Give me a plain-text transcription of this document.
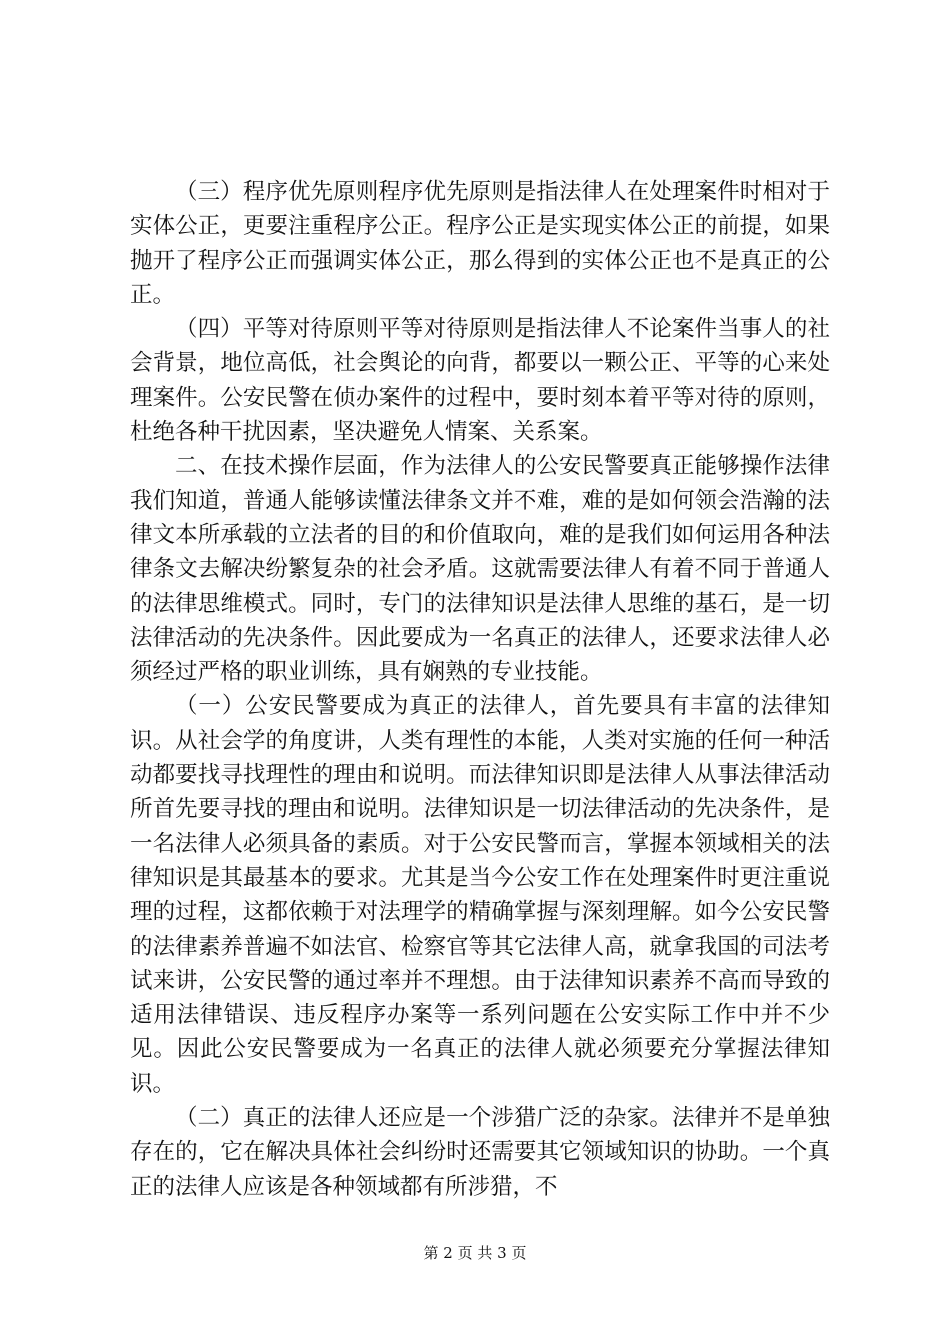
（三）程序优先原则程序优先原则是指法律人在处理案件时相对于实体公正，更要注重程序公正。程序公正是实现实体公正的前提，如果抛开了程序公正而强调实体公正，那么得到的实体公正也不是真正的公正。

（四）平等对待原则平等对待原则是指法律人不论案件当事人的社会背景，地位高低，社会舆论的向背，都要以一颗公正、平等的心来处理案件。公安民警在侦办案件的过程中，要时刻本着平等对待的原则，杜绝各种干扰因素，坚决避免人情案、关系案。

二、在技术操作层面，作为法律人的公安民警要真正能够操作法律我们知道，普通人能够读懂法律条文并不难，难的是如何领会浩瀚的法律文本所承载的立法者的目的和价值取向，难的是我们如何运用各种法律条文去解决纷繁复杂的社会矛盾。这就需要法律人有着不同于普通人的法律思维模式。同时，专门的法律知识是法律人思维的基石，是一切法律活动的先决条件。因此要成为一名真正的法律人，还要求法律人必须经过严格的职业训练，具有娴熟的专业技能。

（一）公安民警要成为真正的法律人，首先要具有丰富的法律知识。从社会学的角度讲，人类有理性的本能，人类对实施的任何一种活动都要找寻找理性的理由和说明。而法律知识即是法律人从事法律活动所首先要寻找的理由和说明。法律知识是一切法律活动的先决条件，是一名法律人必须具备的素质。对于公安民警而言，掌握本领域相关的法律知识是其最基本的要求。尤其是当今公安工作在处理案件时更注重说理的过程，这都依赖于对法理学的精确掌握与深刻理解。如今公安民警的法律素养普遍不如法官、检察官等其它法律人高，就拿我国的司法考试来讲，公安民警的通过率并不理想。由于法律知识素养不高而导致的适用法律错误、违反程序办案等一系列问题在公安实际工作中并不少见。因此公安民警要成为一名真正的法律人就必须要充分掌握法律知识。

（二）真正的法律人还应是一个涉猎广泛的杂家。法律并不是单独存在的，它在解决具体社会纠纷时还需要其它领域知识的协助。一个真正的法律人应该是各种领域都有所涉猎，不

第 2 页 共 3 页
